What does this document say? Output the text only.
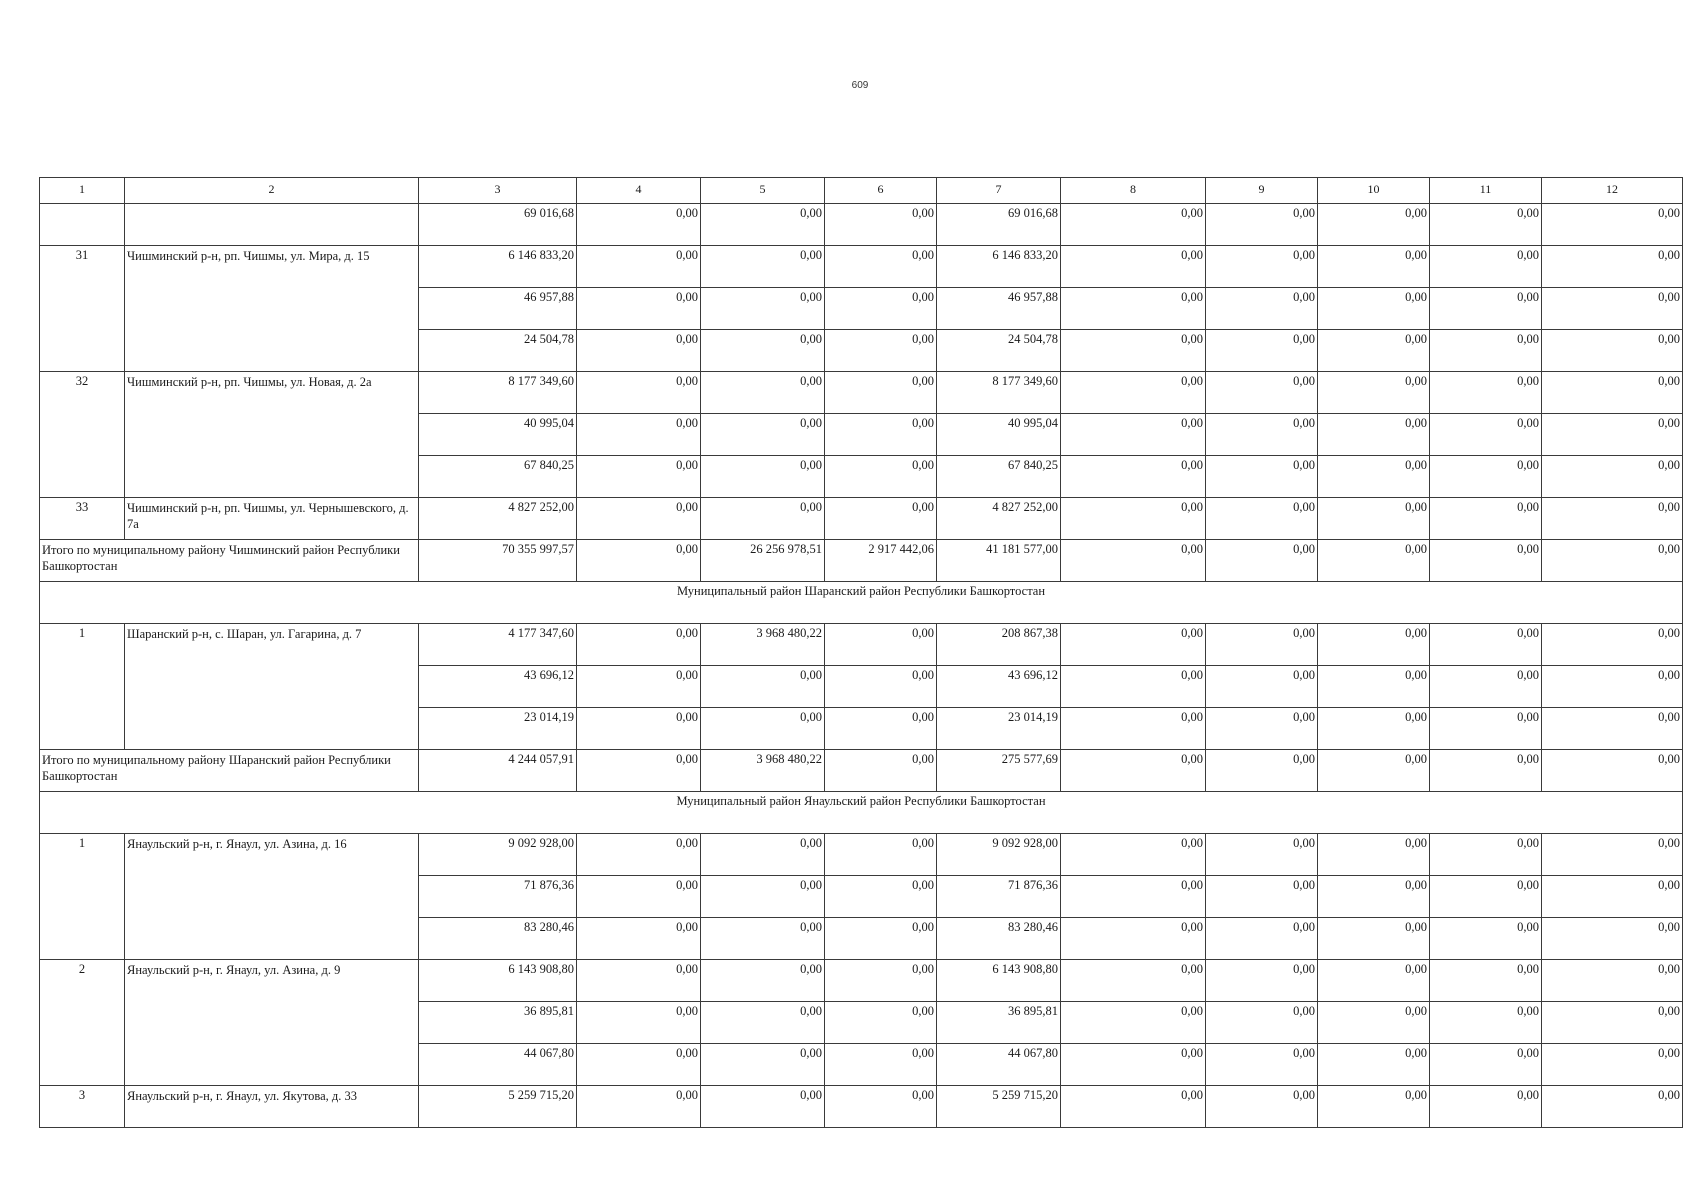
609
1	2	3	4	5	6	7	8	9	10	11	12
		69 016,68	0,00	0,00	0,00	69 016,68	0,00	0,00	0,00	0,00	0,00
31	Чишминский р-н, рп. Чишмы, ул. Мира, д. 15	6 146 833,20	0,00	0,00	0,00	6 146 833,20	0,00	0,00	0,00	0,00	0,00
		46 957,88	0,00	0,00	0,00	46 957,88	0,00	0,00	0,00	0,00	0,00
		24 504,78	0,00	0,00	0,00	24 504,78	0,00	0,00	0,00	0,00	0,00
32	Чишминский р-н, рп. Чишмы, ул. Новая, д. 2а	8 177 349,60	0,00	0,00	0,00	8 177 349,60	0,00	0,00	0,00	0,00	0,00
		40 995,04	0,00	0,00	0,00	40 995,04	0,00	0,00	0,00	0,00	0,00
		67 840,25	0,00	0,00	0,00	67 840,25	0,00	0,00	0,00	0,00	0,00
33	Чишминский р-н, рп. Чишмы, ул. Чернышевского, д. 7а	4 827 252,00	0,00	0,00	0,00	4 827 252,00	0,00	0,00	0,00	0,00	0,00
Итого по муниципальному району Чишминский район Республики Башкортостан		70 355 997,57	0,00	26 256 978,51	2 917 442,06	41 181 577,00	0,00	0,00	0,00	0,00	0,00
Муниципальный район Шаранский район Республики Башкортостан											
1	Шаранский р-н, с. Шаран, ул. Гагарина, д. 7	4 177 347,60	0,00	3 968 480,22	0,00	208 867,38	0,00	0,00	0,00	0,00	0,00
		43 696,12	0,00	0,00	0,00	43 696,12	0,00	0,00	0,00	0,00	0,00
		23 014,19	0,00	0,00	0,00	23 014,19	0,00	0,00	0,00	0,00	0,00
Итого по муниципальному району Шаранский район Республики Башкортостан		4 244 057,91	0,00	3 968 480,22	0,00	275 577,69	0,00	0,00	0,00	0,00	0,00
Муниципальный район Янаульский район Республики Башкортостан											
1	Янаульский р-н, г. Янаул, ул. Азина, д. 16	9 092 928,00	0,00	0,00	0,00	9 092 928,00	0,00	0,00	0,00	0,00	0,00
		71 876,36	0,00	0,00	0,00	71 876,36	0,00	0,00	0,00	0,00	0,00
		83 280,46	0,00	0,00	0,00	83 280,46	0,00	0,00	0,00	0,00	0,00
2	Янаульский р-н, г. Янаул, ул. Азина, д. 9	6 143 908,80	0,00	0,00	0,00	6 143 908,80	0,00	0,00	0,00	0,00	0,00
		36 895,81	0,00	0,00	0,00	36 895,81	0,00	0,00	0,00	0,00	0,00
		44 067,80	0,00	0,00	0,00	44 067,80	0,00	0,00	0,00	0,00	0,00
3	Янаульский р-н, г. Янаул, ул. Якутова, д. 33	5 259 715,20	0,00	0,00	0,00	5 259 715,20	0,00	0,00	0,00	0,00	0,00
